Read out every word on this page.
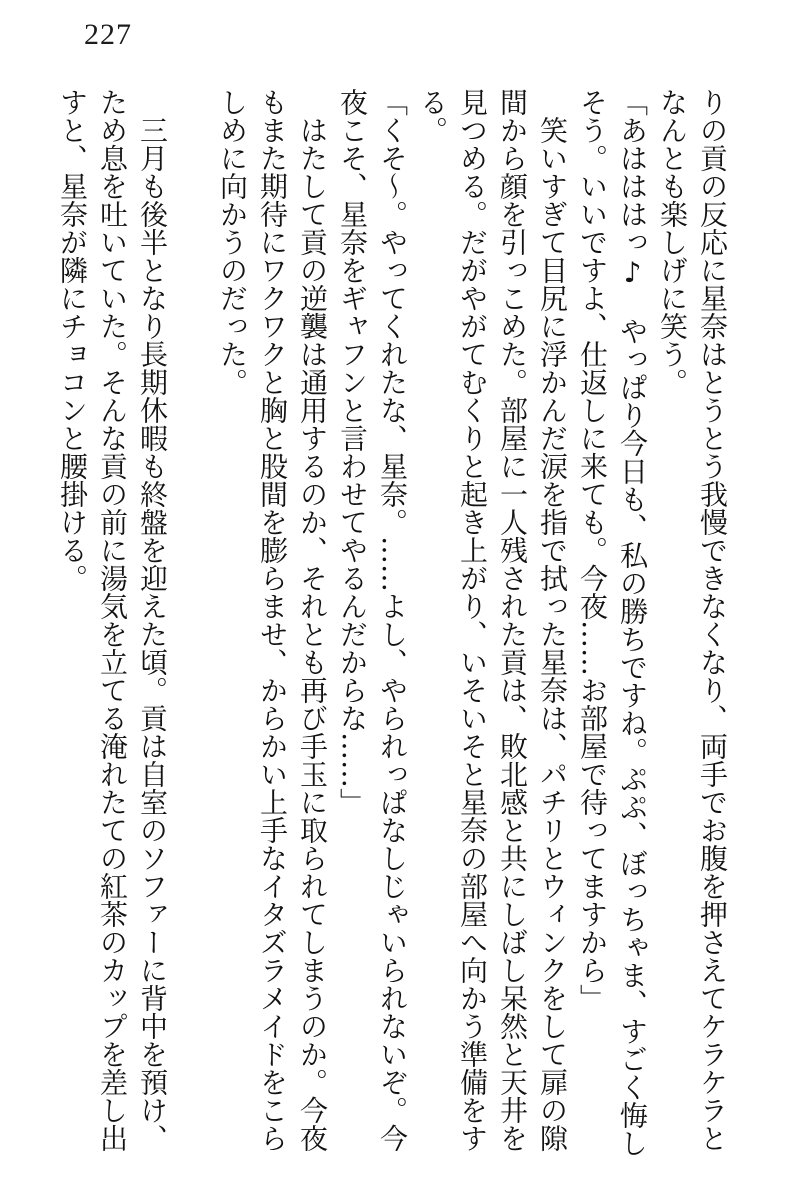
227
りの貢の反応に星奈はとうとう我慢できなくなり、両手でお腹を押さえてケラケラと
なんとも楽しげに笑う。
「あはははっ♪　やっぱり今日も、私の勝ちですね。ぷぷ、ぼっちゃま、すごく悔し
そう。いいですよ、仕返しに来ても。今夜……お部屋で待ってますから」
　笑いすぎて目尻に浮かんだ涙を指で拭った星奈は、パチリとウィンクをして扉の隙
間から顔を引っこめた。部屋に一人残された貢は、敗北感と共にしばし呆然と天井を
見つめる。だがやがてむくりと起き上がり、いそいそと星奈の部屋へ向かう準備をす
る。
「くそ〜。やってくれたな、星奈。……よし、やられっぱなしじゃいられないぞ。今
夜こそ、星奈をギャフンと言わせてやるんだからな……」
　はたして貢の逆襲は通用するのか、それとも再び手玉に取られてしまうのか。今夜
もまた期待にワクワクと胸と股間を膨らませ、からかい上手なイタズラメイドをこら
しめに向かうのだった。
　三月も後半となり長期休暇も終盤を迎えた頃。貢は自室のソファーに背中を預け、
ため息を吐いていた。そんな貢の前に湯気を立てる淹れたての紅茶のカップを差し出
すと、星奈が隣にチョコンと腰掛ける。
